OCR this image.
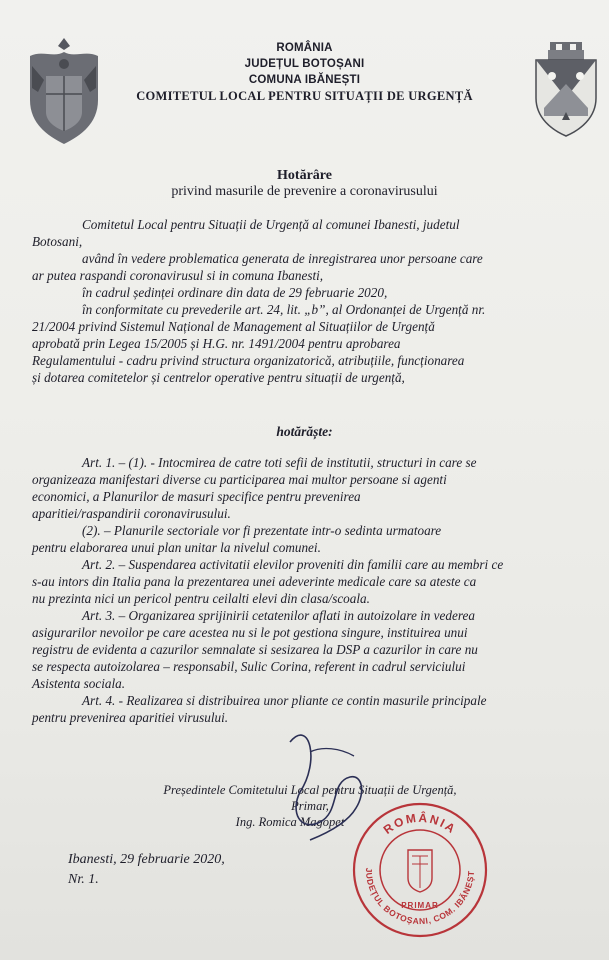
ROMÂNIA
JUDEȚUL BOTOȘANI
COMUNA IBĂNEȘTI
COMITETUL LOCAL PENTRU SITUAȚII DE URGENȚĂ
Hotărâre
privind masurile de prevenire a coronavirusului

Comitetul Local pentru Situații de Urgență al comunei Ibanesti, judetul

Botosani,

având în vedere problematica generata de inregistrarea unor persoane care

ar putea raspandi coronavirusul si in comuna Ibanesti,

în cadrul ședinței ordinare din data de 29 februarie 2020,

în conformitate cu prevederile art. 24, lit. „b”, al Ordonanței de Urgență nr.

21/2004 privind Sistemul Național de Management al Situațiilor de Urgență

aprobată prin Legea 15/2005 și H.G. nr. 1491/2004 pentru aprobarea

Regulamentului - cadru privind structura organizatorică, atribuțiile, funcționarea

și dotarea comitetelor și centrelor operative pentru situații de urgență,

hotărăște:

Art. 1. – (1). - Intocmirea de catre toti sefii de institutii, structuri in care se

organizeaza manifestari diverse cu participarea mai multor persoane si agenti

economici, a Planurilor de masuri specifice pentru prevenirea

aparitiei/raspandirii coronavirusului.

(2). – Planurile sectoriale vor fi prezentate intr-o sedinta urmatoare

pentru elaborarea unui plan unitar la nivelul comunei.

Art. 2. – Suspendarea activitatii elevilor proveniti din familii care au membri ce

s-au intors din Italia pana la prezentarea unei adeverinte medicale care sa ateste ca

nu prezinta nici un pericol pentru ceilalti elevi din clasa/scoala.

Art. 3. – Organizarea sprijinirii cetatenilor aflati in autoizolare in vederea

asigurarilor nevoilor pe care acestea nu si le pot gestiona singure, instituirea unui

registru de evidenta a cazurilor semnalate si sesizarea la DSP a cazurilor in care nu

se respecta autoizolarea – responsabil, Sulic Corina, referent in cadrul serviciului

Asistenta sociala.

Art. 4. - Realizarea si distribuirea unor pliante ce contin masurile principale

pentru prevenirea aparitiei virusului.

Președintele Comitetului Local pentru Situații de Urgență,
Primar,
Ing. Romica Magopet	ROMÂNIA
JUDEȚUL BOTOȘANI, COM. IBĂNEȘT
PRIMAR
Ibanesti, 29 februarie 2020,
Nr. 1.
